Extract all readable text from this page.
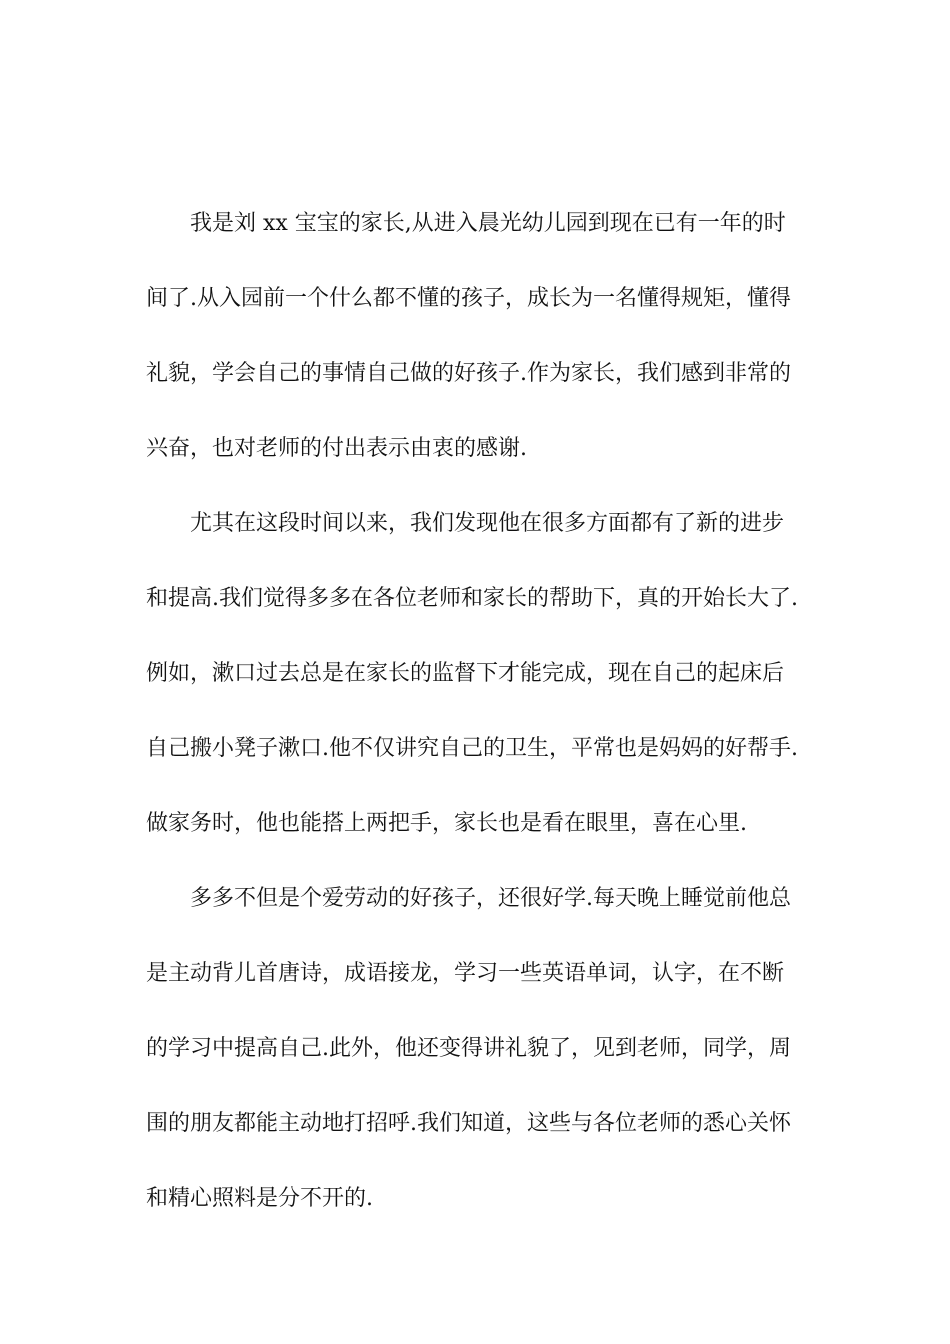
我是刘 xx 宝宝的家长,从进入晨光幼儿园到现在已有一年的时
间了.从入园前一个什么都不懂的孩子，成长为一名懂得规矩，懂得
礼貌，学会自己的事情自己做的好孩子.作为家长，我们感到非常的
兴奋，也对老师的付出表示由衷的感谢.
尤其在这段时间以来，我们发现他在很多方面都有了新的进步
和提高.我们觉得多多在各位老师和家长的帮助下，真的开始长大了.
例如，漱口过去总是在家长的监督下才能完成，现在自己的起床后
自己搬小凳子漱口.他不仅讲究自己的卫生，平常也是妈妈的好帮手.
做家务时，他也能搭上两把手，家长也是看在眼里，喜在心里.
多多不但是个爱劳动的好孩子，还很好学.每天晚上睡觉前他总
是主动背儿首唐诗，成语接龙，学习一些英语单词，认字，在不断
的学习中提高自己.此外，他还变得讲礼貌了，见到老师，同学，周
围的朋友都能主动地打招呼.我们知道，这些与各位老师的悉心关怀
和精心照料是分不开的.
